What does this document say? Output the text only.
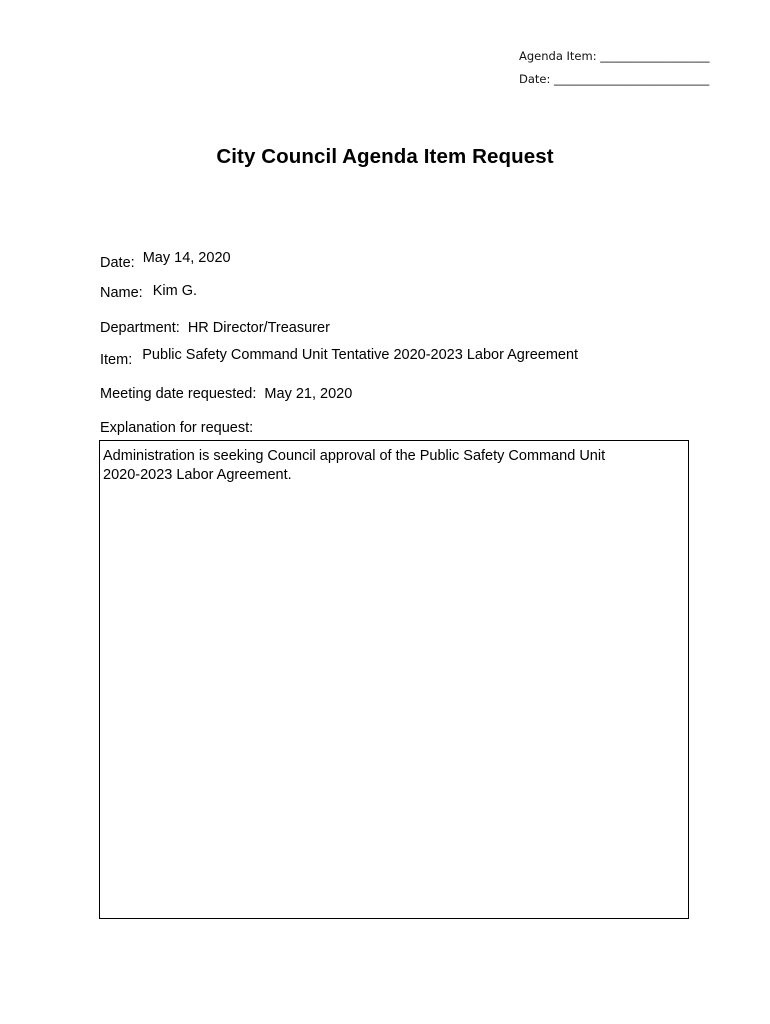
Agenda Item: ___________________
Date: ___________________________
City Council Agenda Item Request
Date: May 14, 2020
Name: Kim G.
Department: HR Director/Treasurer
Item: Public Safety Command Unit Tentative 2020-2023 Labor Agreement
Meeting date requested: May 21, 2020
Explanation for request:
Administration is seeking Council approval of the Public Safety Command Unit
2020-2023 Labor Agreement.
